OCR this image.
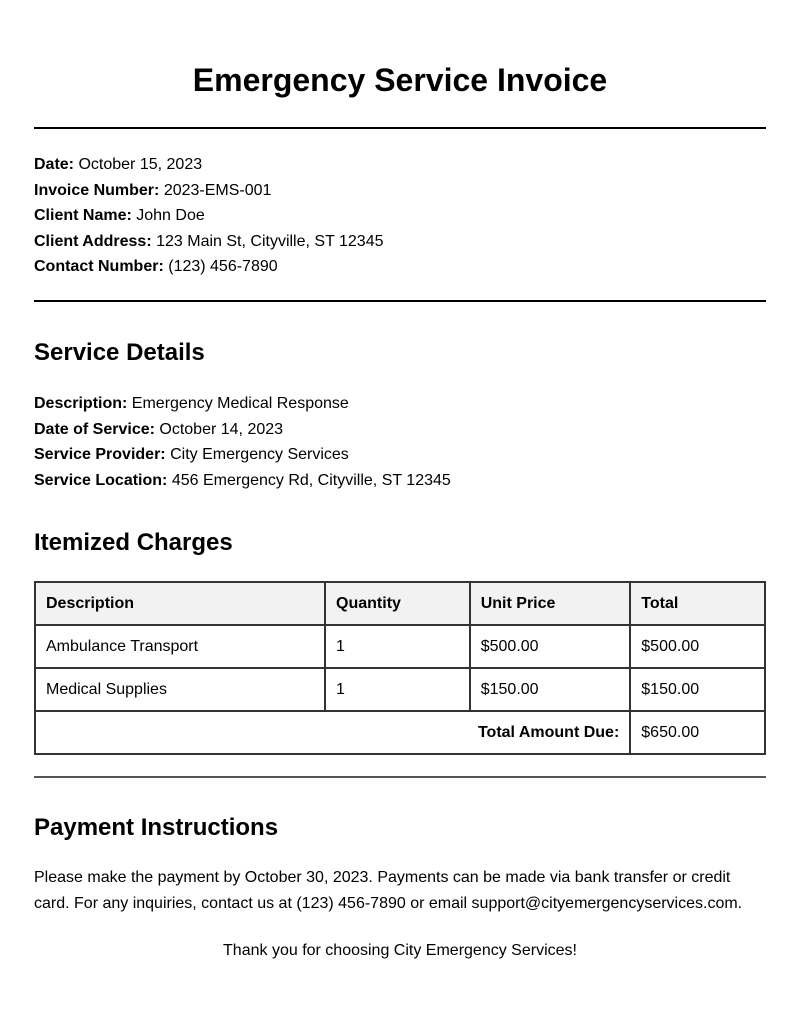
Emergency Service Invoice
Date: October 15, 2023
Invoice Number: 2023-EMS-001
Client Name: John Doe
Client Address: 123 Main St, Cityville, ST 12345
Contact Number: (123) 456-7890
Service Details
Description: Emergency Medical Response
Date of Service: October 14, 2023
Service Provider: City Emergency Services
Service Location: 456 Emergency Rd, Cityville, ST 12345
Itemized Charges
Description	Quantity	Unit Price	Total
Ambulance Transport	1	$500.00	$500.00
Medical Supplies	1	$150.00	$150.00
Total Amount Due:			$650.00
Payment Instructions
Please make the payment by October 30, 2023. Payments can be made via bank transfer or credit card. For any inquiries, contact us at (123) 456-7890 or email support@cityemergencyservices.com.
Thank you for choosing City Emergency Services!
